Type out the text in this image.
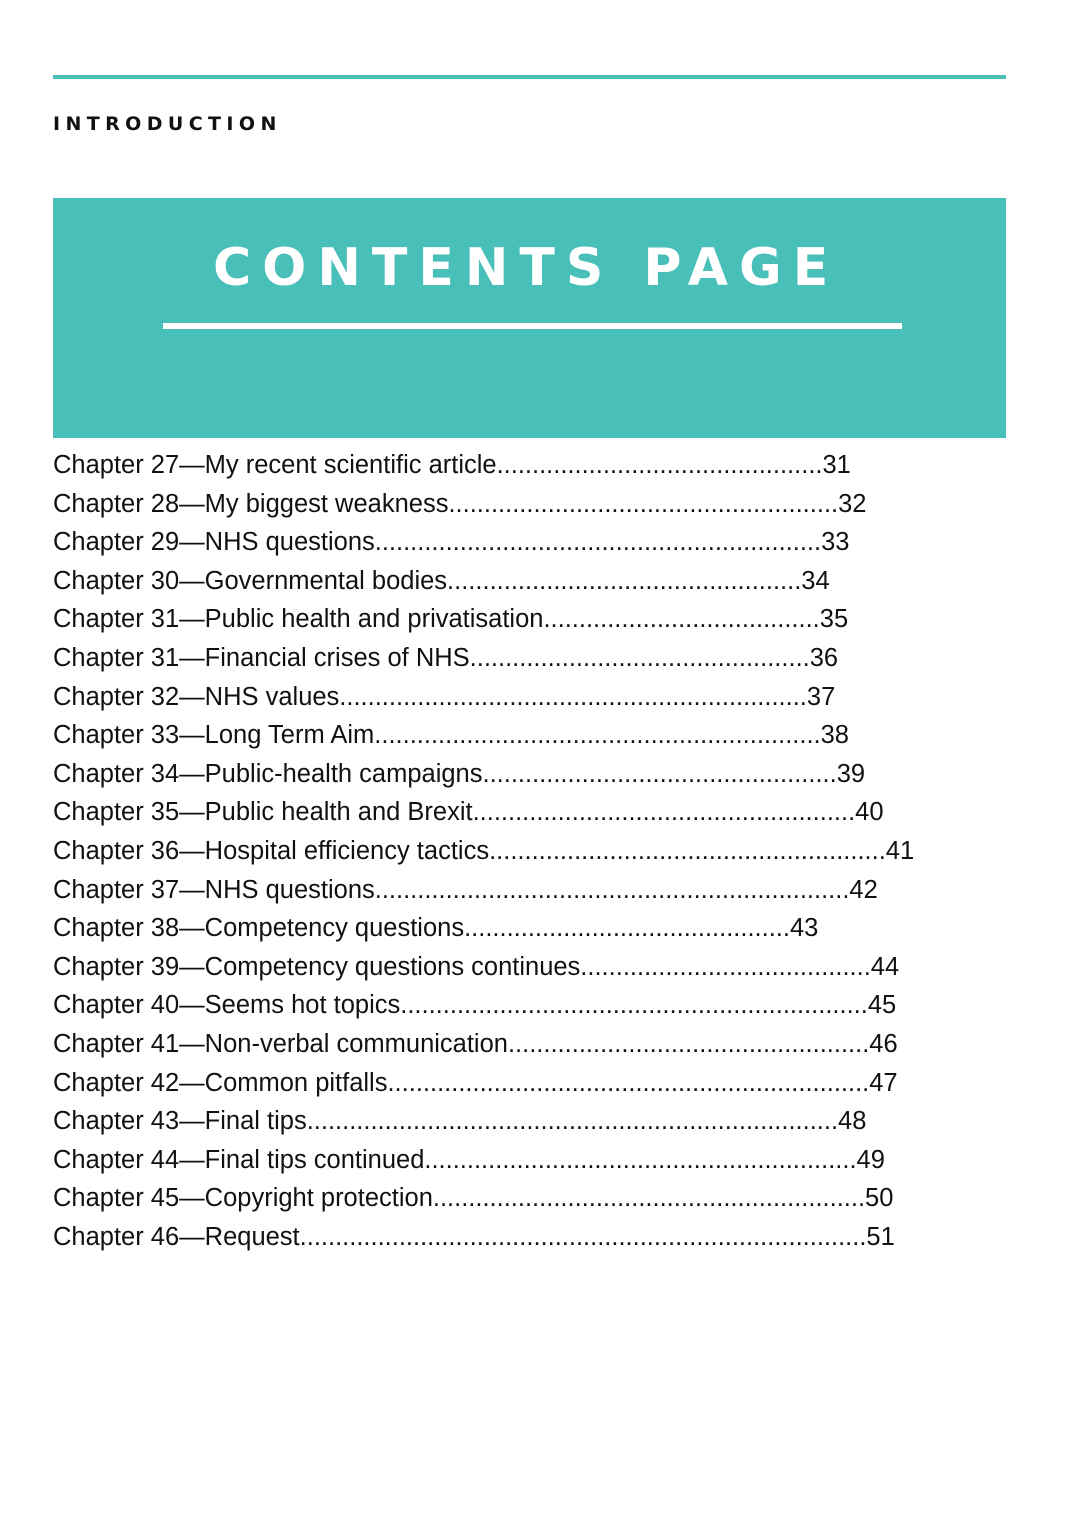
INTRODUCTION
CONTENTS PAGE
Chapter 27—My recent scientific article..............................................31
Chapter 28—My biggest weakness.......................................................32
Chapter 29—NHS questions...............................................................33
Chapter 30—Governmental bodies..................................................34
Chapter 31—Public health and privatisation.......................................35
Chapter 31—Financial crises of NHS................................................36
Chapter 32—NHS values..................................................................37
Chapter 33—Long Term Aim...............................................................38
Chapter 34—Public-health campaigns..................................................39
Chapter 35—Public health and Brexit......................................................40
Chapter 36—Hospital efficiency tactics........................................................41
Chapter 37—NHS questions...................................................................42
Chapter 38—Competency questions..............................................43
Chapter 39—Competency questions continues.........................................44
Chapter 40—Seems hot topics..................................................................45
Chapter 41—Non-verbal communication...................................................46
Chapter 42—Common pitfalls....................................................................47
Chapter 43—Final tips...........................................................................48
Chapter 44—Final tips continued.............................................................49
Chapter 45—Copyright protection.............................................................50
Chapter 46—Request................................................................................51
